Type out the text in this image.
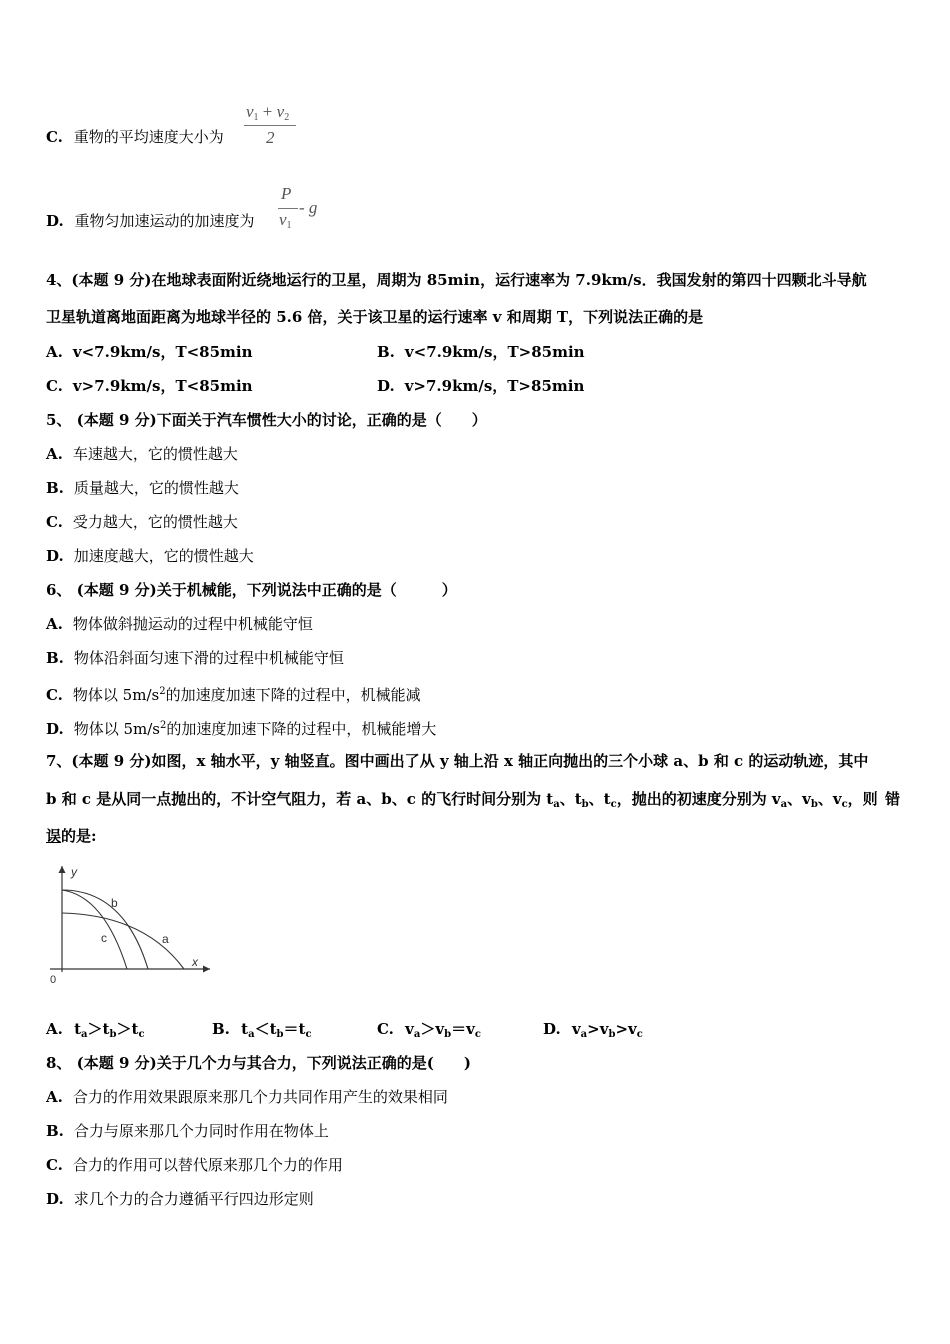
C. 重物的平均速度大小为
$v_1 + v_2$
2
D. 重物匀加速运动的加速度为
P
$v_1$
- g
4、(本题 9 分)在地球表面附近绕地运行的卫星，周期为 85min，运行速率为 7.9km/s．我国发射的第四十四颗北斗导航
卫星轨道离地面距离为地球半径的 5.6 倍，关于该卫星的运行速率 v 和周期 T，下列说法正确的是
A. v<7.9km/s，T<85min	B. v<7.9km/s，T>85min
C. v>7.9km/s，T<85min	D. v>7.9km/s，T>85min
5、 (本题 9 分)下面关于汽车惯性大小的讨论，正确的是（　　）
A. 车速越大，它的惯性越大
B. 质量越大，它的惯性越大
C. 受力越大，它的惯性越大
D. 加速度越大，它的惯性越大
6、 (本题 9 分)关于机械能，下列说法中正确的是（　　　）
A. 物体做斜抛运动的过程中机械能守恒
B. 物体沿斜面匀速下滑的过程中机械能守恒
C. 物体以 $5m/s^2$的加速度加速下降的过程中，机械能减
D. 物体以 $5m/s^2$的加速度加速下降的过程中，机械能增大
7、(本题 9 分)如图，x 轴水平，y 轴竖直。图中画出了从 y 轴上沿 x 轴正向抛出的三个小球 a、b 和 c 的运动轨迹，其中
b 和 c 是从同一点抛出的，不计空气阻力，若 a、b、c 的飞行时间分别为 $t_a$、$t_b$、$t_c$，抛出的初速度分别为 $v_a$、$v_b$、$v_c$，则 错
误的是:
y
x
0
a
b
c
A. $t_a>t_b>t_c$	B. $t_a<t_b=t_c$	C. $v_a>v_b=v_c$	D. $v_a>v_b>v_c$
8、 (本题 9 分)关于几个力与其合力，下列说法正确的是(　　)
A. 合力的作用效果跟原来那几个力共同作用产生的效果相同
B. 合力与原来那几个力同时作用在物体上
C. 合力的作用可以替代原来那几个力的作用
D. 求几个力的合力遵循平行四边形定则
